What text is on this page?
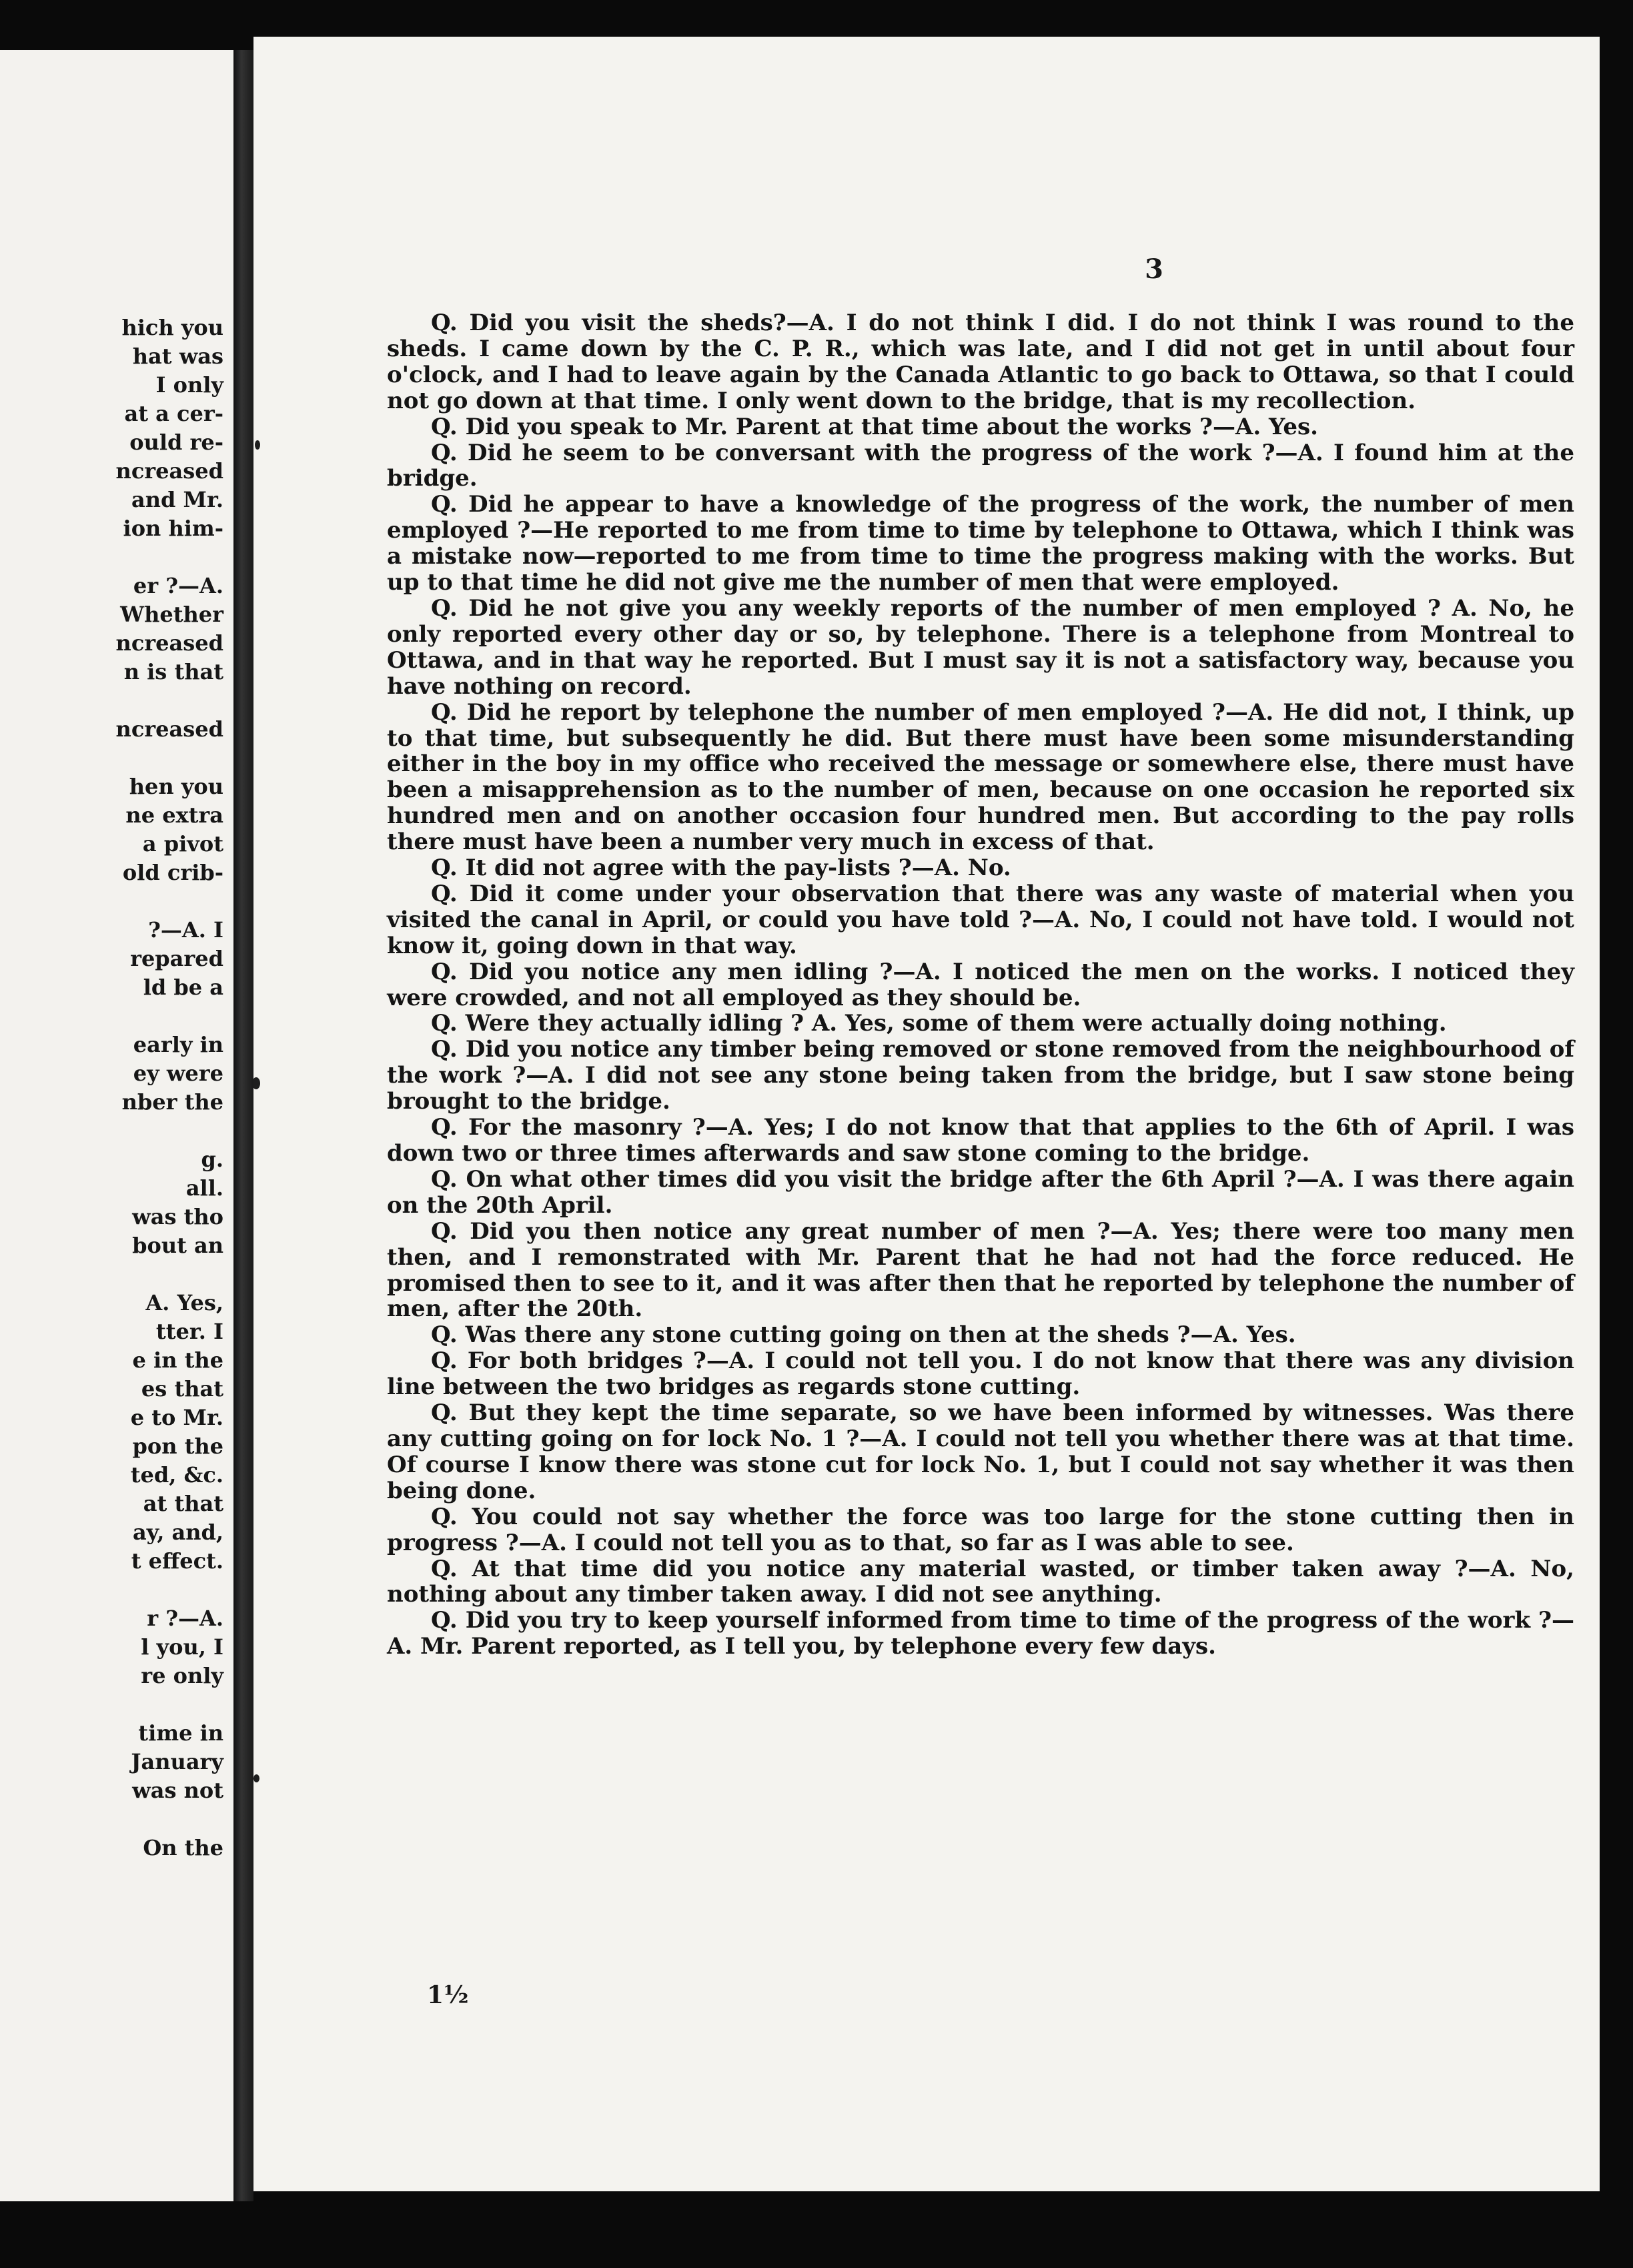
hich you
hat was
I only
at a cer-
ould re-
ncreased
and Mr.
ion him-
er ?—A.
Whether
ncreased
n is that
ncreased
hen you
ne extra
a pivot
old crib-
?—A. I
repared
ld be a
early in
ey were
nber the
g.
all.
was tho
bout an
A. Yes,
tter. I
e in the
es that
e to Mr.
pon the
ted, &c.
at that
ay, and,
t effect.
r ?—A.
l you, I
re only
time in
January
was not
On the
3

Q. Did you visit the sheds?—A. I do not think I did. I do not think I was round to the sheds. I came down by the C. P. R., which was late, and I did not get in until about four o'clock, and I had to leave again by the Canada Atlantic to go back to Ottawa, so that I could not go down at that time. I only went down to the bridge, that is my recollection.

Q. Did you speak to Mr. Parent at that time about the works ?—A. Yes.

Q. Did he seem to be conversant with the progress of the work ?—A. I found him at the bridge.

Q. Did he appear to have a knowledge of the progress of the work, the number of men employed ?—He reported to me from time to time by telephone to Ottawa, which I think was a mistake now—reported to me from time to time the progress making with the works. But up to that time he did not give me the number of men that were employed.

Q. Did he not give you any weekly reports of the number of men employed ? A. No, he only reported every other day or so, by telephone. There is a telephone from Montreal to Ottawa, and in that way he reported. But I must say it is not a satisfactory way, because you have nothing on record.

Q. Did he report by telephone the number of men employed ?—A. He did not, I think, up to that time, but subsequently he did. But there must have been some misunderstanding either in the boy in my office who received the message or somewhere else, there must have been a misapprehension as to the number of men, because on one occasion he reported six hundred men and on another occasion four hundred men. But according to the pay rolls there must have been a number very much in excess of that.

Q. It did not agree with the pay-lists ?—A. No.

Q. Did it come under your observation that there was any waste of material when you visited the canal in April, or could you have told ?—A. No, I could not have told. I would not know it, going down in that way.

Q. Did you notice any men idling ?—A. I noticed the men on the works. I noticed they were crowded, and not all employed as they should be.

Q. Were they actually idling ? A. Yes, some of them were actually doing nothing.

Q. Did you notice any timber being removed or stone removed from the neighbourhood of the work ?—A. I did not see any stone being taken from the bridge, but I saw stone being brought to the bridge.

Q. For the masonry ?—A. Yes; I do not know that that applies to the 6th of April. I was down two or three times afterwards and saw stone coming to the bridge.

Q. On what other times did you visit the bridge after the 6th April ?—A. I was there again on the 20th April.

Q. Did you then notice any great number of men ?—A. Yes; there were too many men then, and I remonstrated with Mr. Parent that he had not had the force reduced. He promised then to see to it, and it was after then that he reported by telephone the number of men, after the 20th.

Q. Was there any stone cutting going on then at the sheds ?—A. Yes.

Q. For both bridges ?—A. I could not tell you. I do not know that there was any division line between the two bridges as regards stone cutting.

Q. But they kept the time separate, so we have been informed by witnesses. Was there any cutting going on for lock No. 1 ?—A. I could not tell you whether there was at that time. Of course I know there was stone cut for lock No. 1, but I could not say whether it was then being done.

Q. You could not say whether the force was too large for the stone cutting then in progress ?—A. I could not tell you as to that, so far as I was able to see.

Q. At that time did you notice any material wasted, or timber taken away ?—A. No, nothing about any timber taken away. I did not see anything.

Q. Did you try to keep yourself informed from time to time of the progress of the work ?—A. Mr. Parent reported, as I tell you, by telephone every few days.

1½
